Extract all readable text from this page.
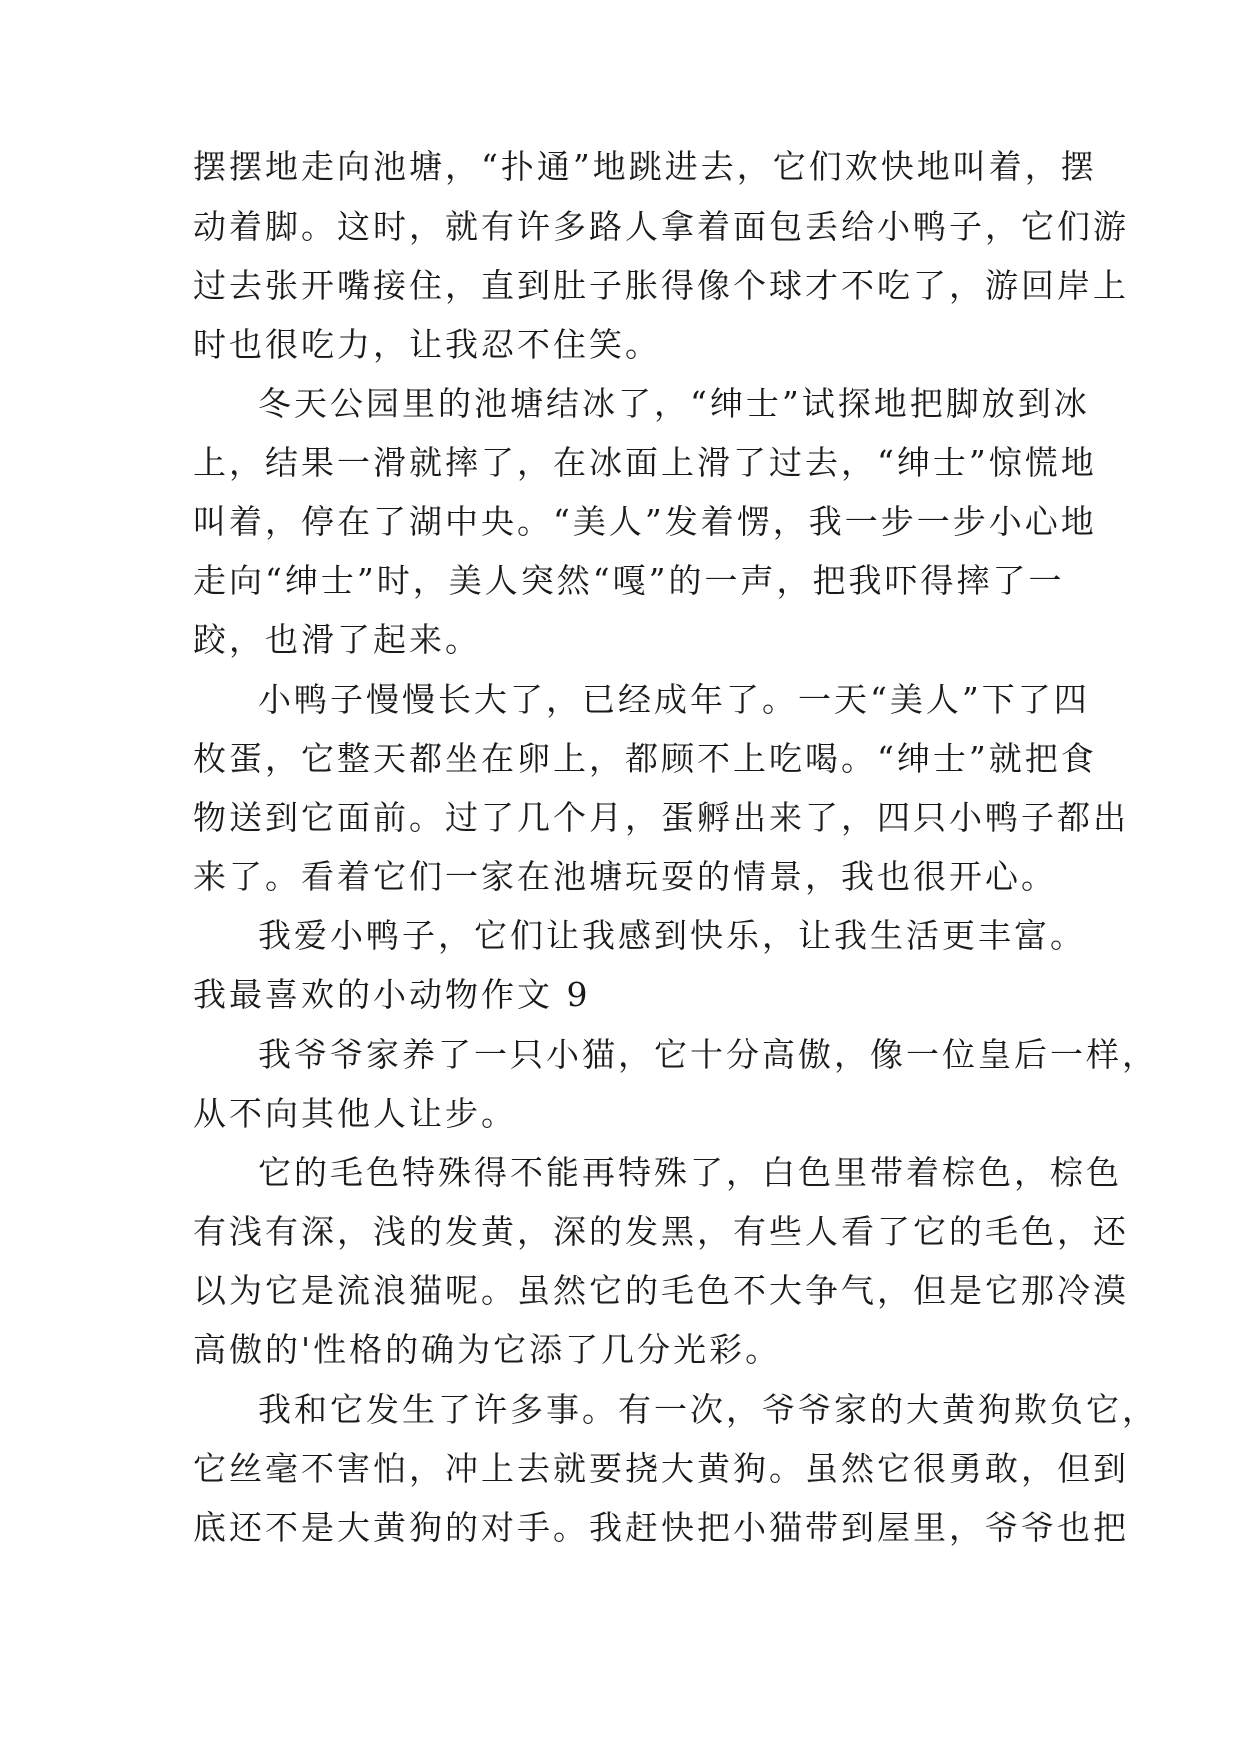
摆摆地走向池塘，“扑通”地跳进去，它们欢快地叫着，摆
动着脚。这时，就有许多路人拿着面包丢给小鸭子，它们游
过去张开嘴接住，直到肚子胀得像个球才不吃了，游回岸上
时也很吃力，让我忍不住笑。
冬天公园里的池塘结冰了，“绅士”试探地把脚放到冰
上，结果一滑就摔了，在冰面上滑了过去，“绅士”惊慌地
叫着，停在了湖中央。“美人”发着愣，我一步一步小心地
走向“绅士”时，美人突然“嘎”的一声，把我吓得摔了一
跤，也滑了起来。
小鸭子慢慢长大了，已经成年了。一天“美人”下了四
枚蛋，它整天都坐在卵上，都顾不上吃喝。“绅士”就把食
物送到它面前。过了几个月，蛋孵出来了，四只小鸭子都出
来了。看着它们一家在池塘玩耍的情景，我也很开心。
我爱小鸭子，它们让我感到快乐，让我生活更丰富。
我最喜欢的小动物作文 9
我爷爷家养了一只小猫，它十分高傲，像一位皇后一样，
从不向其他人让步。
它的毛色特殊得不能再特殊了，白色里带着棕色，棕色
有浅有深，浅的发黄，深的发黑，有些人看了它的毛色，还
以为它是流浪猫呢。虽然它的毛色不大争气，但是它那冷漠
高傲的'性格的确为它添了几分光彩。
我和它发生了许多事。有一次，爷爷家的大黄狗欺负它，
它丝毫不害怕，冲上去就要挠大黄狗。虽然它很勇敢，但到
底还不是大黄狗的对手。我赶快把小猫带到屋里，爷爷也把
